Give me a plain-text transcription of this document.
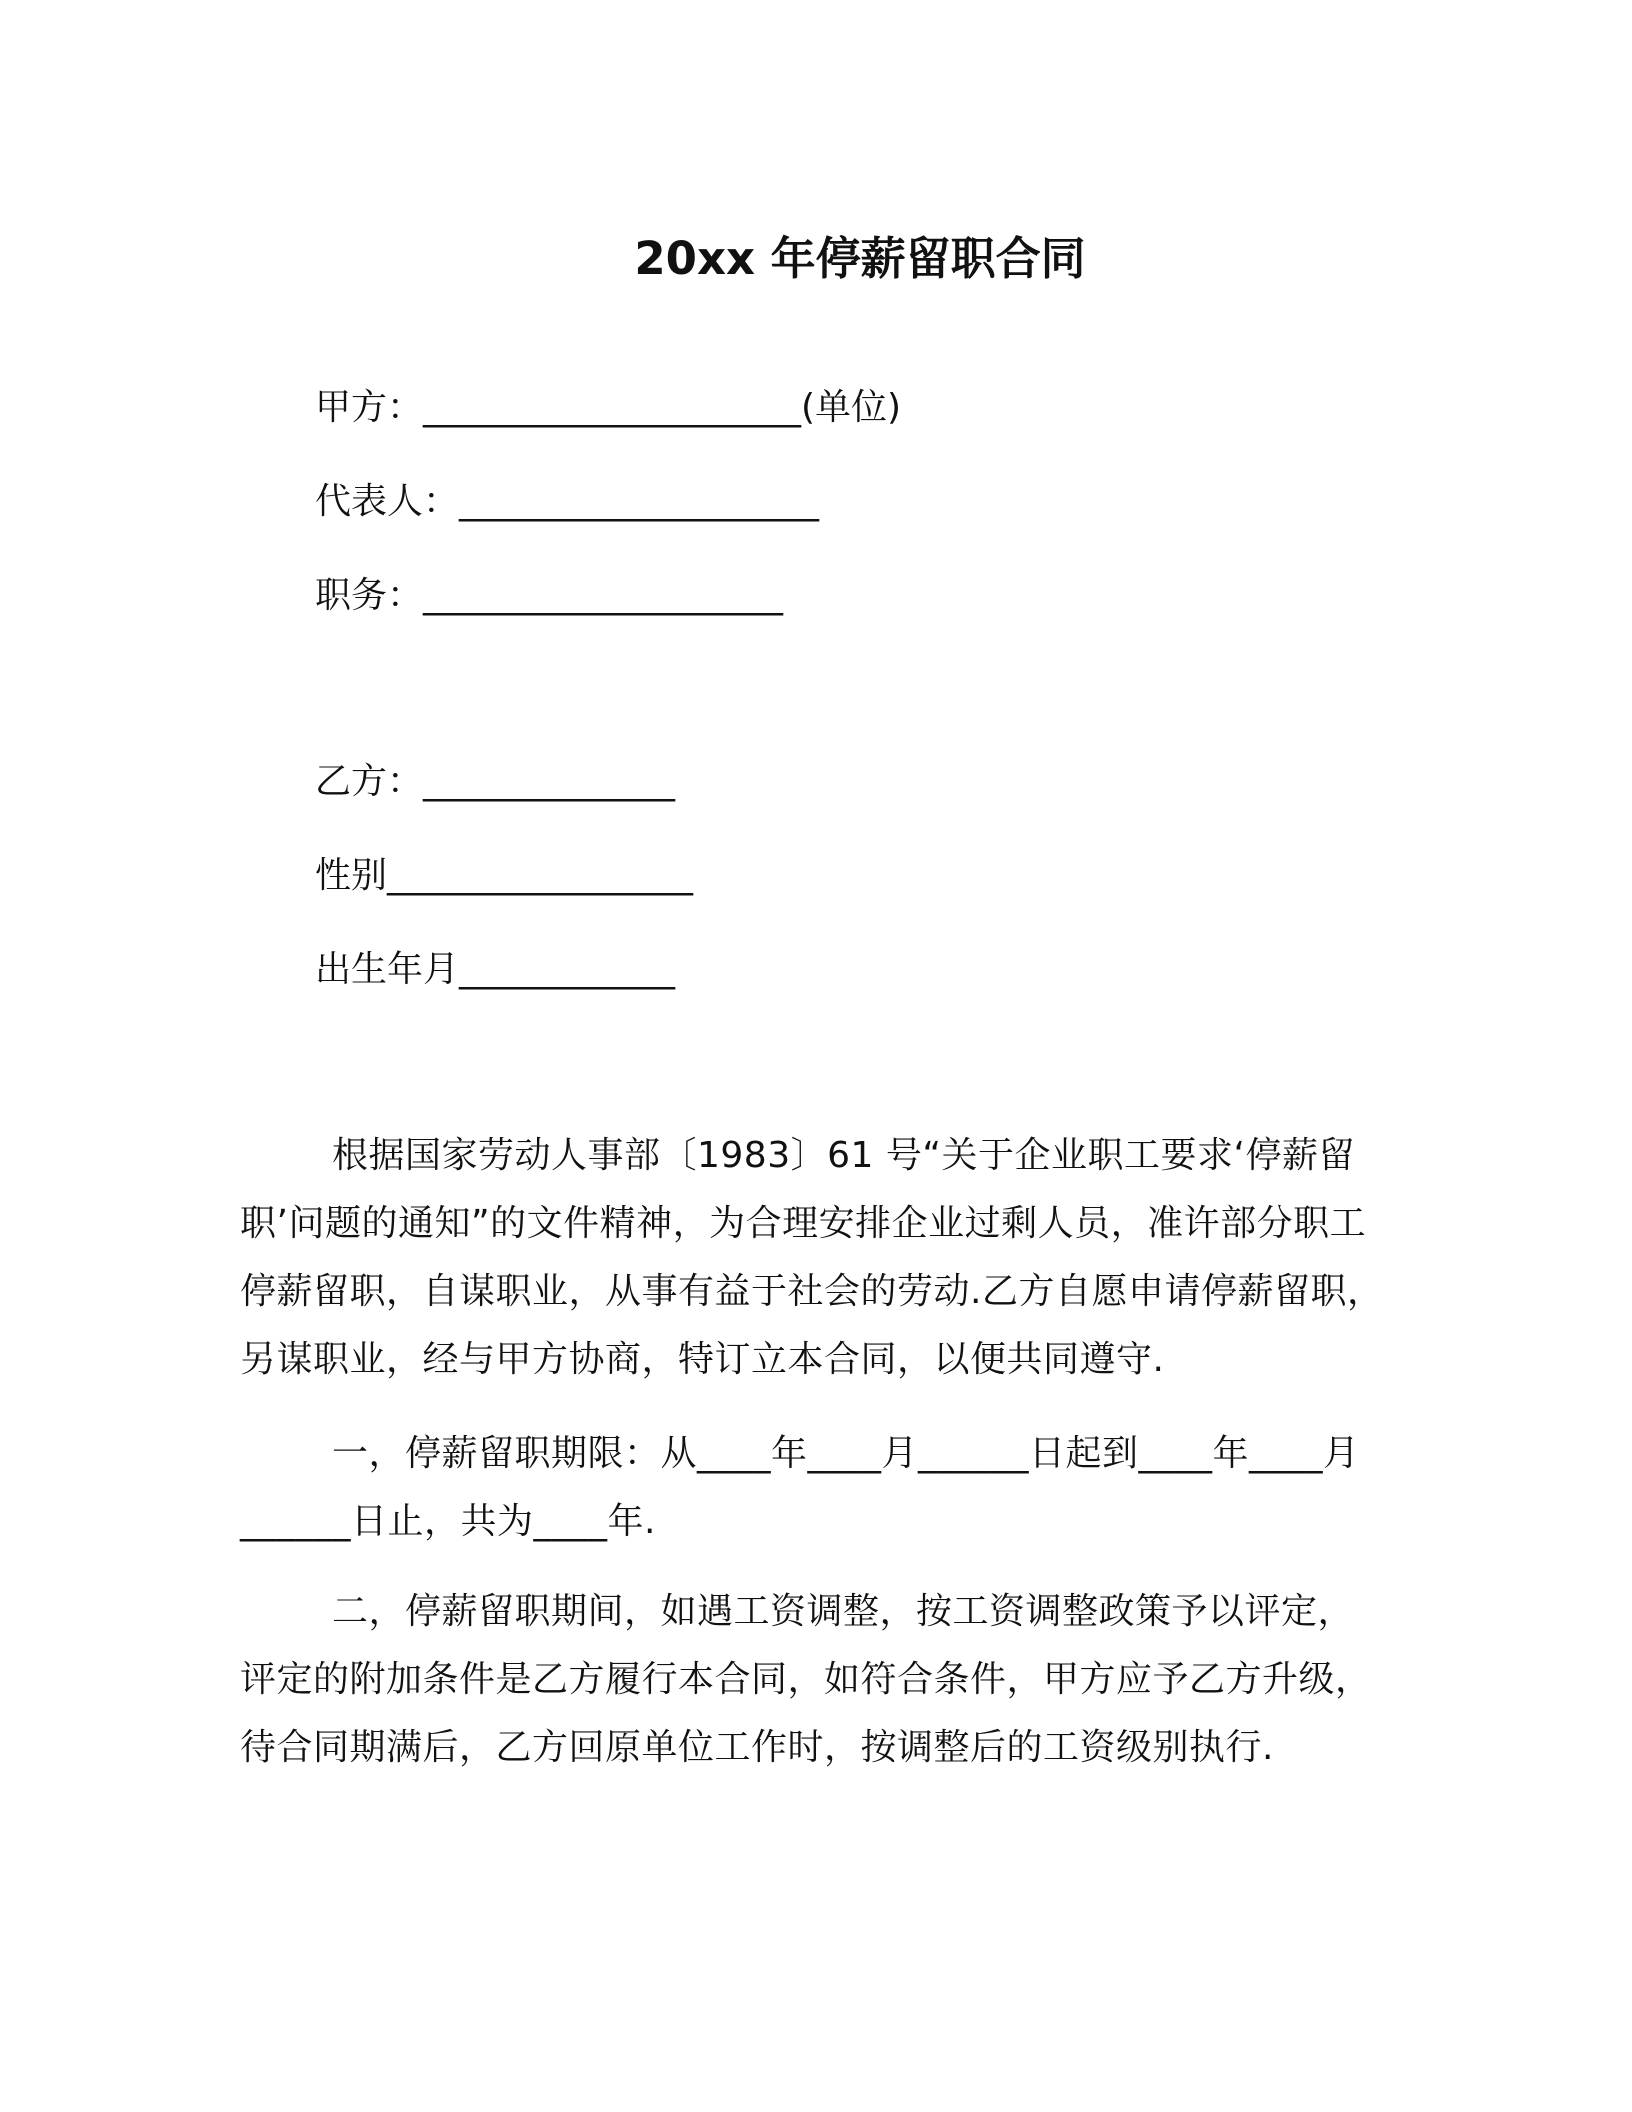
20xx 年停薪留职合同
甲方：_____________________(单位)
代表人：____________________
职务：____________________
乙方：______________
性别_________________
出生年月____________
根据国家劳动人事部〔1983〕61 号“关于企业职工要求‘停薪留职’问题的通知”的文件精神，为合理安排企业过剩人员，准许部分职工停薪留职，自谋职业，从事有益于社会的劳动.乙方自愿申请停薪留职，另谋职业，经与甲方协商，特订立本合同，以便共同遵守.
一，停薪留职期限：从____年____月______日起到____年____月______日止，共为____年.
二，停薪留职期间，如遇工资调整，按工资调整政策予以评定，评定的附加条件是乙方履行本合同，如符合条件，甲方应予乙方升级，待合同期满后，乙方回原单位工作时，按调整后的工资级别执行.
